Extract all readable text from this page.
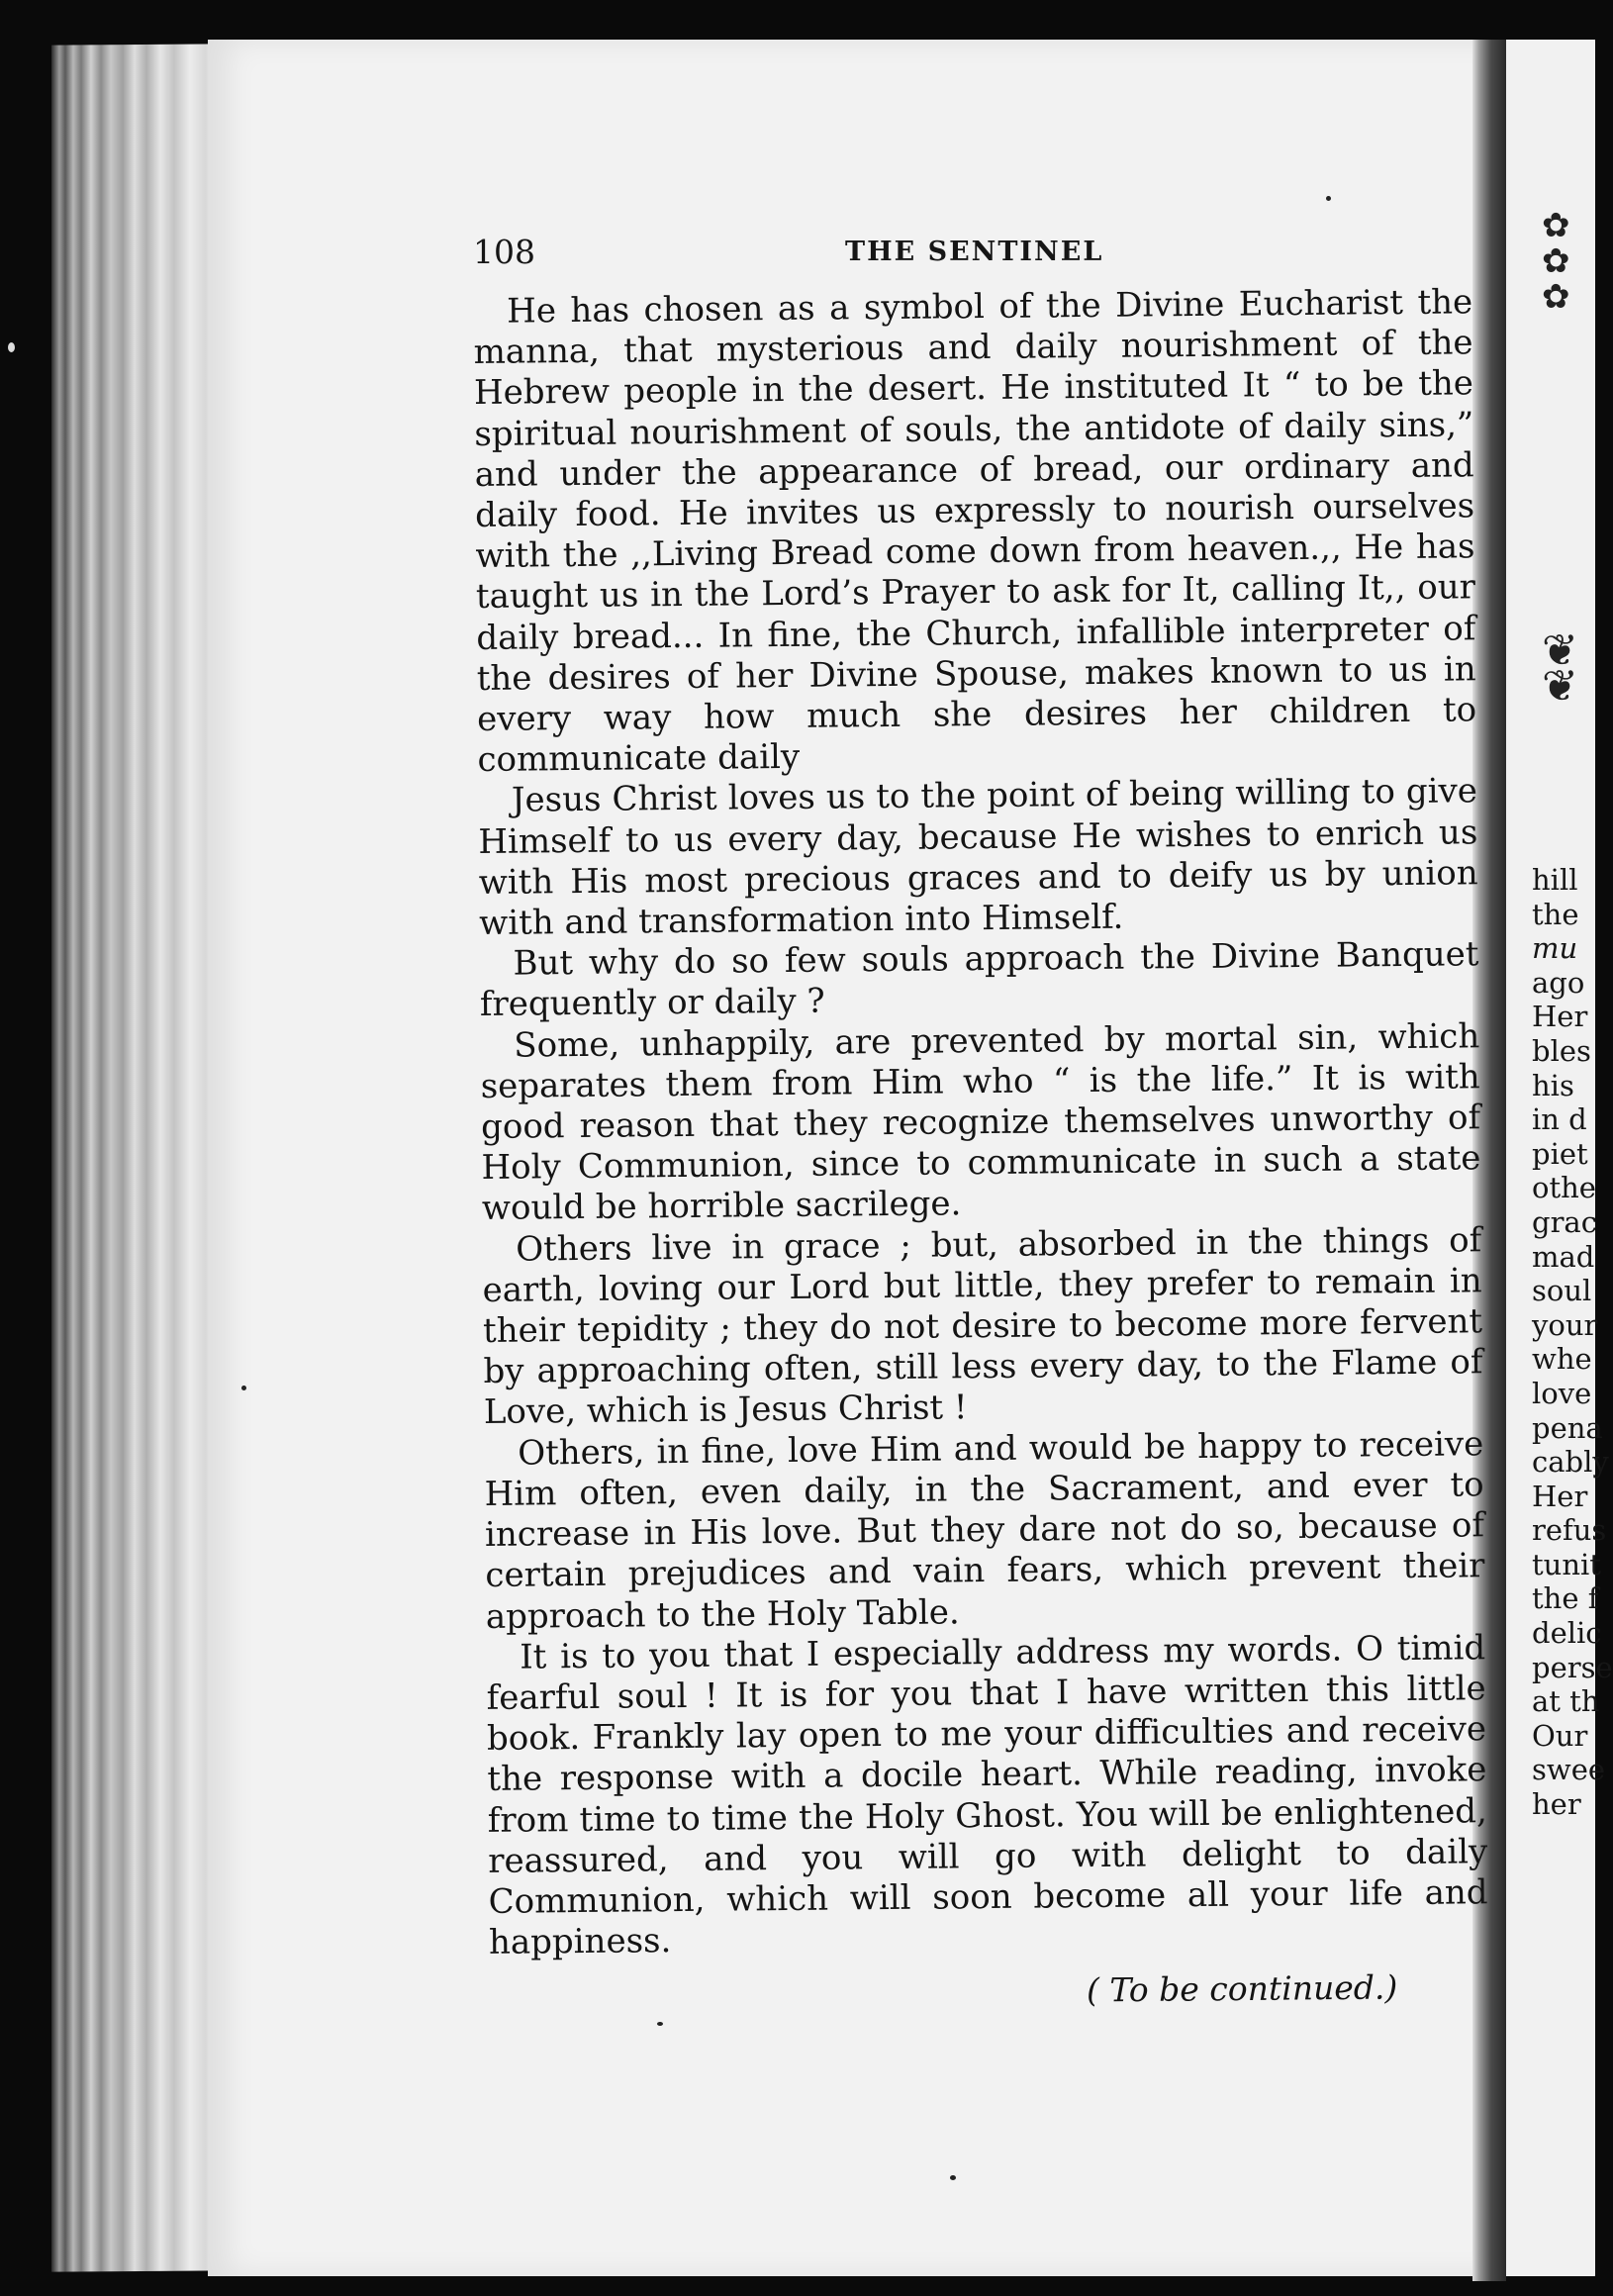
108	THE SENTINEL

He has chosen as a symbol of the Divine Eucharist the manna, that mysterious and daily nourishment of the Hebrew people in the desert. He instituted It “ to be the spiritual nourishment of souls, the antidote of daily sins,” and under the appearance of bread, our ordinary and daily food. He invites us expressly to nourish ourselves with the ,,Living Bread come down from heaven.,, He has taught us in the Lord’s Prayer to ask for It, calling It,, our daily bread... In fine, the Church, infallible interpreter of the desires of her Divine Spouse, makes known to us in every way how much she desires her children to communicate daily

Jesus Christ loves us to the point of being willing to give Himself to us every day, because He wishes to enrich us with His most precious graces and to deify us by union with and transformation into Himself.

But why do so few souls approach the Divine Banquet frequently or daily ?

Some, unhappily, are prevented by mortal sin, which separates them from Him who “ is the life.” It is with good reason that they recognize themselves unworthy of Holy Communion, since to communicate in such a state would be horrible sacrilege.

Others live in grace ; but, absorbed in the things of earth, loving our Lord but little, they prefer to remain in their tepidity ; they do not desire to become more fervent by approaching often, still less every day, to the Flame of Love, which is Jesus Christ !

Others, in fine, love Him and would be happy to receive Him often, even daily, in the Sacrament, and ever to increase in His love. But they dare not do so, because of certain prejudices and vain fears, which prevent their approach to the Holy Table.

It is to you that I especially address my words. O timid fearful soul ! It is for you that I have written this little book. Frankly lay open to me your difficulties and receive the response with a docile heart. While reading, invoke from time to time the Holy Ghost. You will be enlightened, reassured, and you will go with delight to daily Communion, which will soon become all your life and happiness.

( To be continued.)
✿
✿
✿
❦
❦
hill
the
mu
ago
Her
bles
his
in d
piet
othe
grac
mad
soul
your
whe
love
pena
cably
Her
refus
tunit
the f
delic
perse
at th
Our
swee
her
